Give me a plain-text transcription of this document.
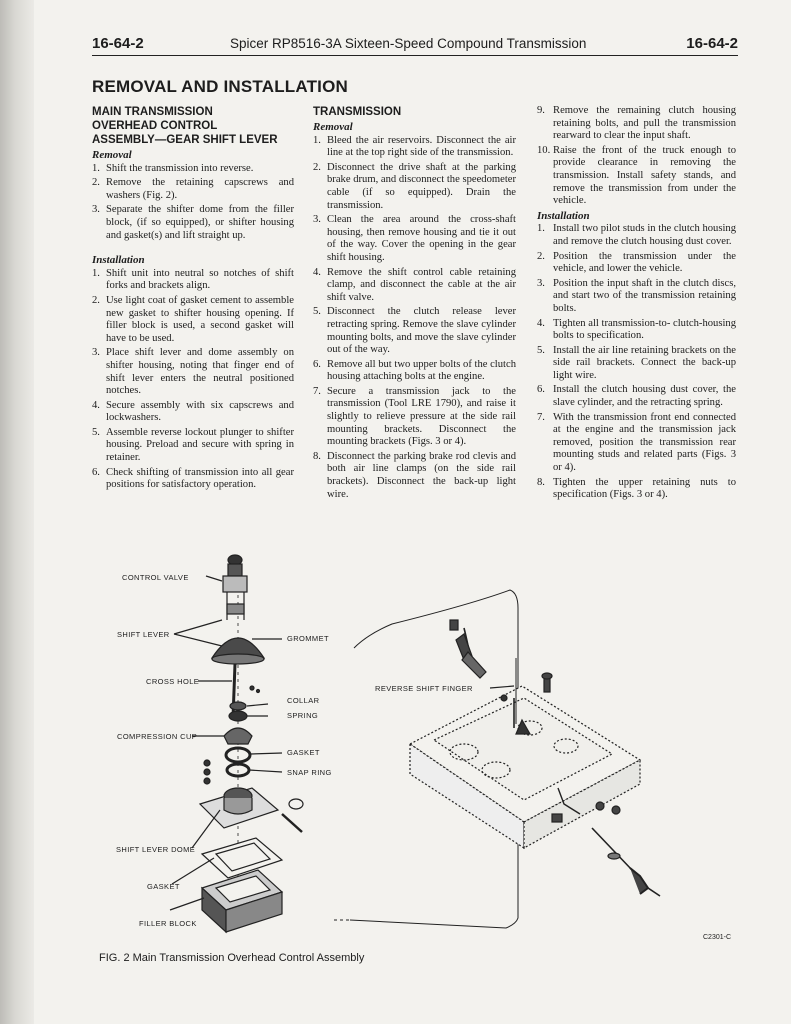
16-64-2	Spicer RP8516-3A Sixteen-Speed Compound Transmission	16-64-2
REMOVAL AND INSTALLATION
MAIN TRANSMISSION
OVERHEAD CONTROL
ASSEMBLY—GEAR SHIFT LEVER
Removal
1. Shift the transmission into reverse.
2. Remove the retaining capscrews and washers (Fig. 2).
3. Separate the shifter dome from the filler block, (if so equipped), or shifter housing and gasket(s) and lift straight up.
Installation
1. Shift unit into neutral so notches of shift forks and brackets align.
2. Use light coat of gasket cement to assemble new gasket to shifter housing opening. If filler block is used, a second gasket will have to be used.
3. Place shift lever and dome assembly on shifter housing, noting that finger end of shift lever enters the neutral positioned notches.
4. Secure assembly with six capscrews and lockwashers.
5. Assemble reverse lockout plunger to shifter housing. Preload and secure with spring in retainer.
6. Check shifting of transmission into all gear positions for satisfactory operation.
TRANSMISSION
Removal
1. Bleed the air reservoirs. Disconnect the air line at the top right side of the transmission.
2. Disconnect the drive shaft at the parking brake drum, and disconnect the speedometer cable (if so equipped). Drain the transmission.
3. Clean the area around the cross-shaft housing, then remove housing and tie it out of the way. Cover the opening in the gear shift housing.
4. Remove the shift control cable retaining clamp, and disconnect the cable at the air shift valve.
5. Disconnect the clutch release lever retracting spring. Remove the slave cylinder mounting bolts, and move the slave cylinder out of the way.
6. Remove all but two upper bolts of the clutch housing attaching bolts at the engine.
7. Secure a transmission jack to the transmission (Tool LRE 1790), and raise it slightly to relieve pressure at the side rail mounting brackets. Disconnect the mounting brackets (Figs. 3 or 4).
8. Disconnect the parking brake rod clevis and both air line clamps (on the side rail brackets). Disconnect the back-up light wire.
9. Remove the remaining clutch housing retaining bolts, and pull the transmission rearward to clear the input shaft.
10. Raise the front of the truck enough to provide clearance in removing the transmission. Install safety stands, and remove the transmission from under the vehicle.
Installation
1. Install two pilot studs in the clutch housing and remove the clutch housing dust cover.
2. Position the transmission under the vehicle, and lower the vehicle.
3. Position the input shaft in the clutch discs, and start two of the transmission retaining bolts.
4. Tighten all transmission-to- clutch-housing bolts to specification.
5. Install the air line retaining brackets on the side rail brackets. Connect the back-up light wire.
6. Install the clutch housing dust cover, the slave cylinder, and the retracting spring.
7. With the transmission front end connected at the engine and the transmission jack removed, position the transmission rear mounting studs and related parts (Figs. 3 or 4).
8. Tighten the upper retaining nuts to specification (Figs. 3 or 4).
CONTROL VALVE
SHIFT LEVER	GROMMET
CROSS HOLE
COLLAR
SPRING
COMPRESSION CUP
GASKET
SNAP RING
SHIFT LEVER DOME
GASKET
FILLER BLOCK
REVERSE SHIFT FINGER
C2301-C
FIG. 2 Main Transmission Overhead Control Assembly
